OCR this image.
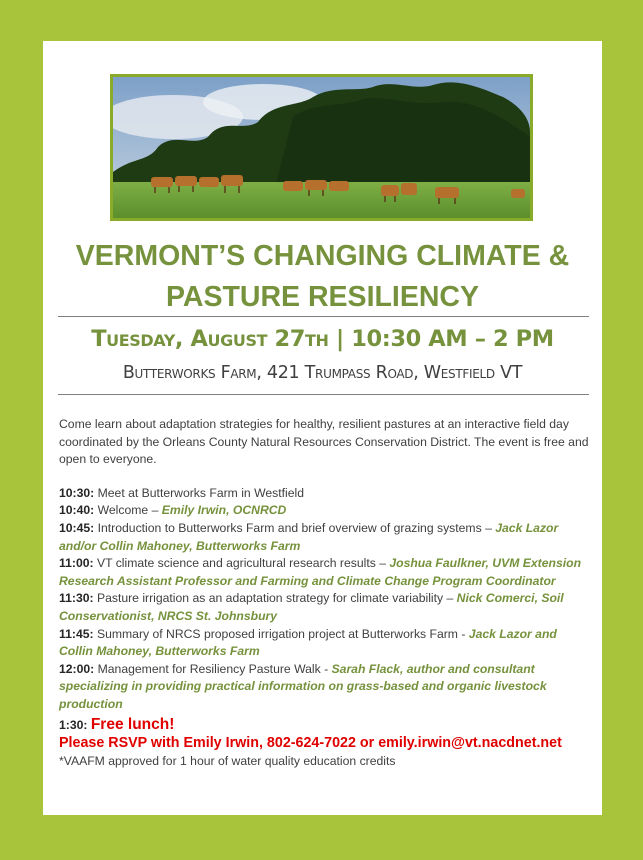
VERMONT’S CHANGING CLIMATE &
PASTURE RESILIENCY
Tuesday, August 27th | 10:30 AM – 2 PM
Butterworks Farm, 421 Trumpass Road, Westfield VT

Come learn about adaptation strategies for healthy, resilient pastures at an interactive field day coordinated by the Orleans County Natural Resources Conservation District. The event is free and open to everyone.

10:30: Meet at Butterworks Farm in Westfield

10:40: Welcome – Emily Irwin, OCNRCD

10:45: Introduction to Butterworks Farm and brief overview of grazing systems – Jack Lazor and/or Collin Mahoney, Butterworks Farm

11:00: VT climate science and agricultural research results – Joshua Faulkner, UVM Extension Research Assistant Professor and Farming and Climate Change Program Coordinator

11:30: Pasture irrigation as an adaptation strategy for climate variability – Nick Comerci, Soil Conservationist, NRCS St. Johnsbury

11:45: Summary of NRCS proposed irrigation project at Butterworks Farm - Jack Lazor and Collin Mahoney, Butterworks Farm

12:00: Management for Resiliency Pasture Walk - Sarah Flack, author and consultant specializing in providing practical information on grass-based and organic livestock production

1:30: Free lunch!
Please RSVP with Emily Irwin, 802-624-7022 or emily.irwin@vt.nacdnet.net
*VAAFM approved for 1 hour of water quality education credits
